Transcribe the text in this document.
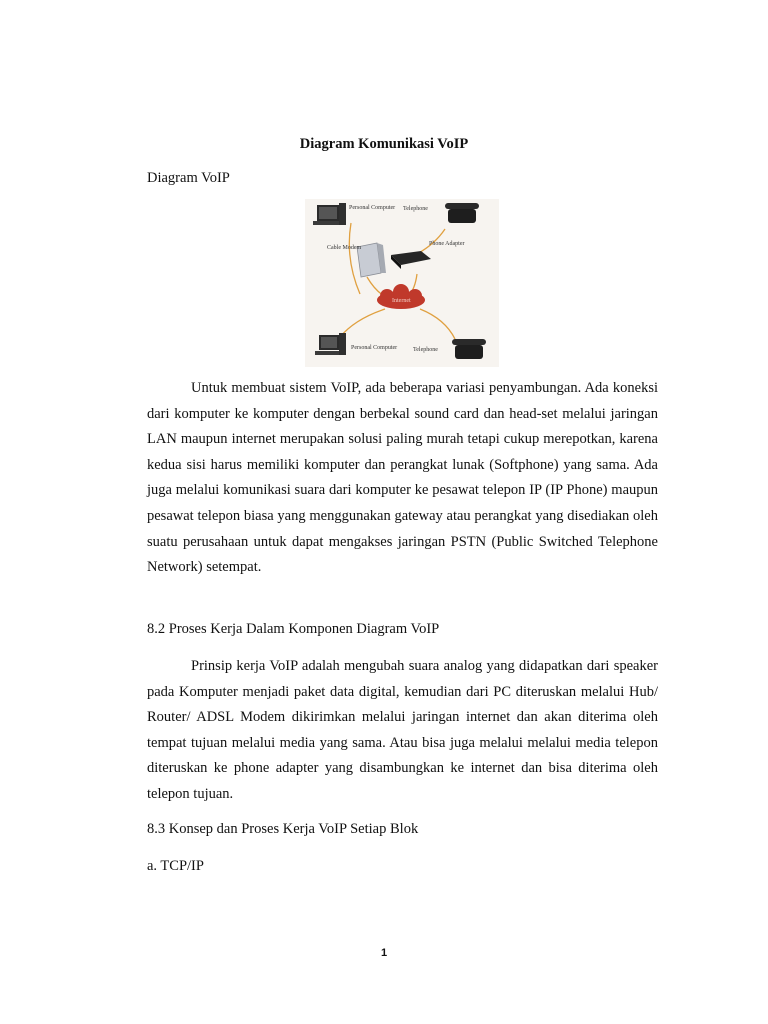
Diagram Komunikasi VoIP
Diagram VoIP
Personal Computer Telephone
Cable Modem
Phone Adapter
Internet
Personal Computer	Telephone

Untuk membuat sistem VoIP, ada beberapa variasi penyambungan. Ada koneksi dari komputer ke komputer dengan berbekal sound card dan head-set melalui jaringan LAN maupun internet merupakan solusi paling murah tetapi cukup merepotkan, karena kedua sisi harus memiliki komputer dan perangkat lunak (Softphone) yang sama. Ada juga melalui komunikasi suara dari komputer ke pesawat telepon IP (IP Phone) maupun pesawat telepon biasa yang menggunakan gateway atau perangkat yang disediakan oleh suatu perusahaan untuk dapat mengakses jaringan PSTN (Public Switched Telephone Network) setempat.

8.2 Proses Kerja Dalam Komponen Diagram VoIP

Prinsip kerja VoIP adalah mengubah suara analog yang didapatkan dari speaker pada Komputer menjadi paket data digital, kemudian dari PC diteruskan melalui Hub/ Router/ ADSL Modem dikirimkan melalui jaringan internet dan akan diterima oleh tempat tujuan melalui media yang sama. Atau bisa juga melalui melalui media telepon diteruskan ke phone adapter yang disambungkan ke internet dan bisa diterima oleh telepon tujuan.

8.3 Konsep dan Proses Kerja VoIP Setiap Blok
a. TCP/IP
1
